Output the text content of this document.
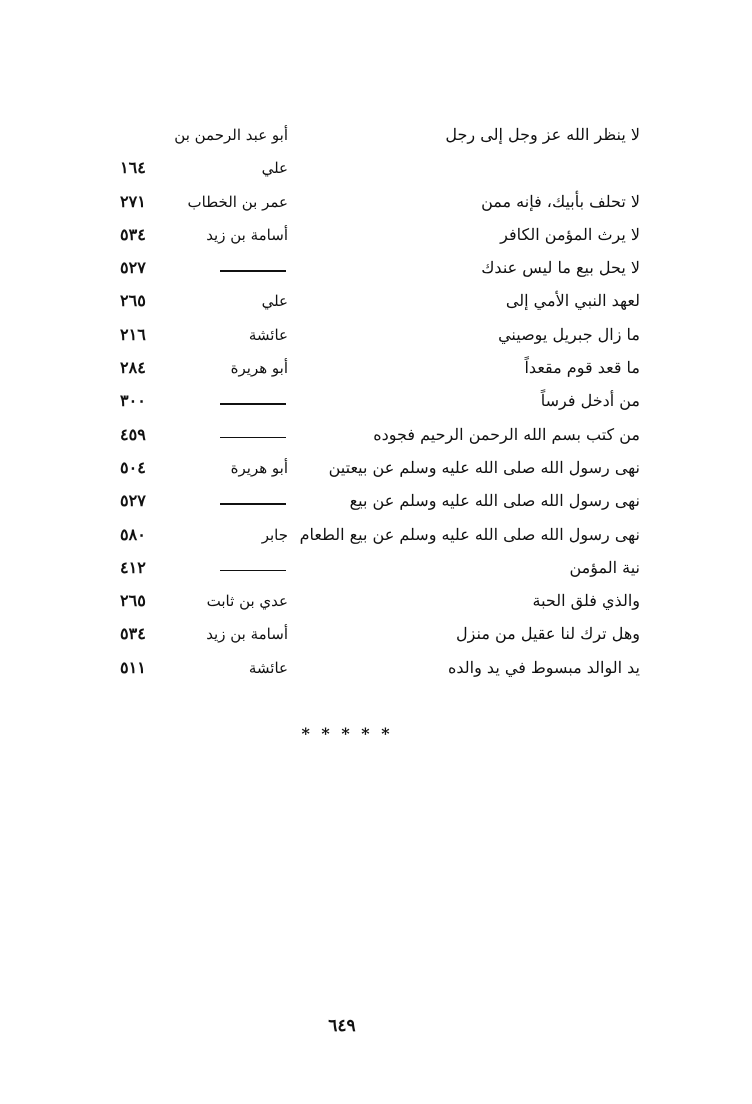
لا ينظر الله عز وجل إلى رجل
أبو عبد الرحمن بن
علي
١٦٤
لا تحلف بأبيك، فإنه ممن
عمر بن الخطاب
٢٧١
لا يرث المؤمن الكافر
أسامة بن زيد
٥٣٤
لا يحل بيع ما ليس عندك
٥٢٧
لعهد النبي الأمي إلى
علي
٢٦٥
ما زال جبريل يوصيني
عائشة
٢١٦
ما قعد قوم مقعداً
أبو هريرة
٢٨٤
من أدخل فرساً
٣٠٠
من كتب بسم الله الرحمن الرحيم فجوده
٤٥٩
نهى رسول الله صلى الله عليه وسلم عن بيعتين
أبو هريرة
٥٠٤
نهى رسول الله صلى الله عليه وسلم عن بيع
٥٢٧
نهى رسول الله صلى الله عليه وسلم عن بيع الطعام
جابر
٥٨٠
نية المؤمن
٤١٢
والذي فلق الحبة
عدي بن ثابت
٢٦٥
وهل ترك لنا عقيل من منزل
أسامة بن زيد
٥٣٤
يد الوالد مبسوط في يد والده
عائشة
٥١١
* * * * *
٦٤٩
